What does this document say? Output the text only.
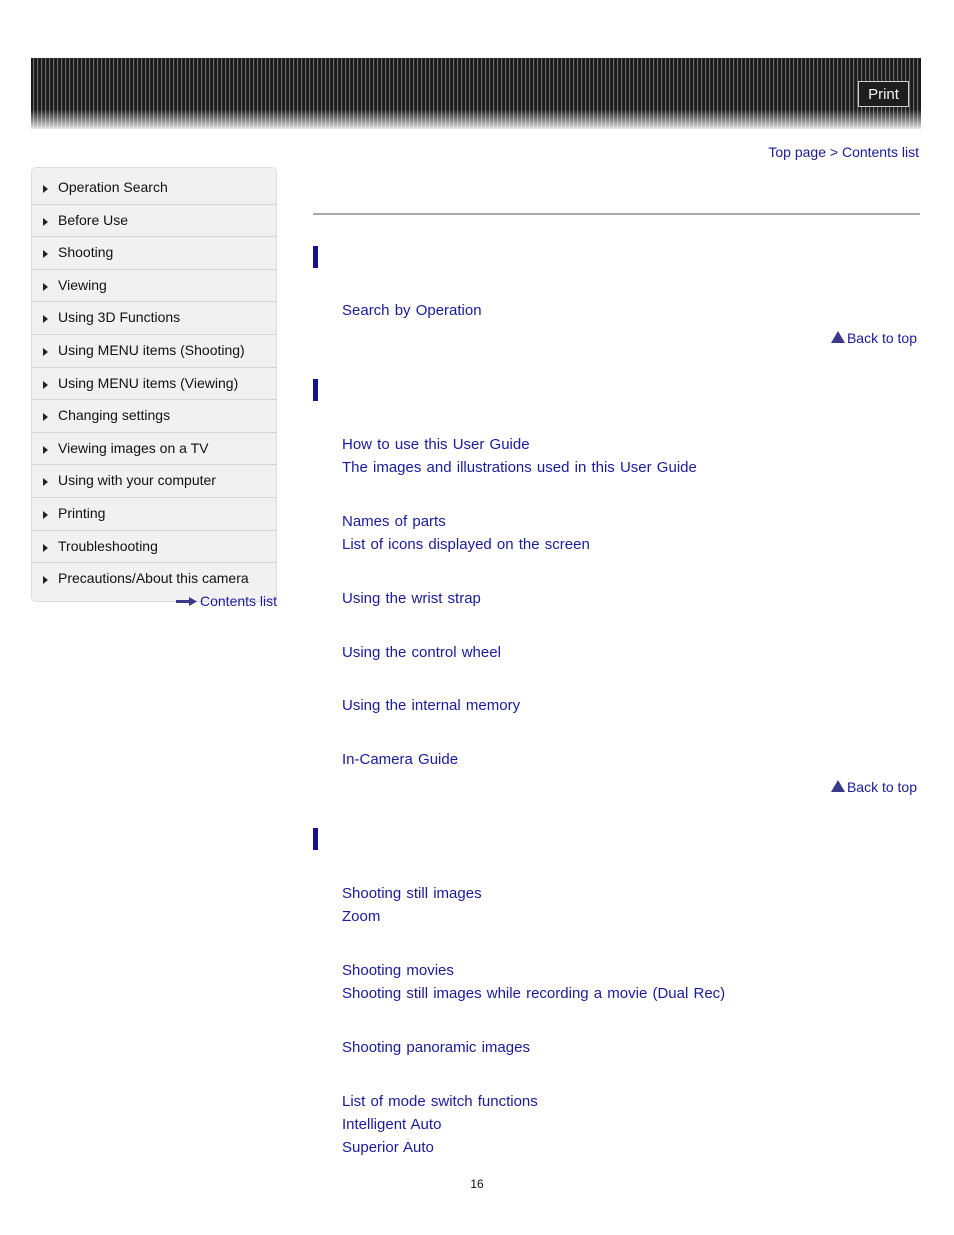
Print
Top page > Contents list
Operation Search
Before Use
Shooting
Viewing
Using 3D Functions
Using MENU items (Shooting)
Using MENU items (Viewing)
Changing settings
Viewing images on a TV
Using with your computer
Printing
Troubleshooting
Precautions/About this camera
Contents list
Search by Operation
Back to top
How to use this User Guide
The images and illustrations used in this User Guide
Names of parts
List of icons displayed on the screen
Using the wrist strap
Using the control wheel
Using the internal memory
In-Camera Guide
Back to top
Shooting still images
Zoom
Shooting movies
Shooting still images while recording a movie (Dual Rec)
Shooting panoramic images
List of mode switch functions
Intelligent Auto
Superior Auto
16
